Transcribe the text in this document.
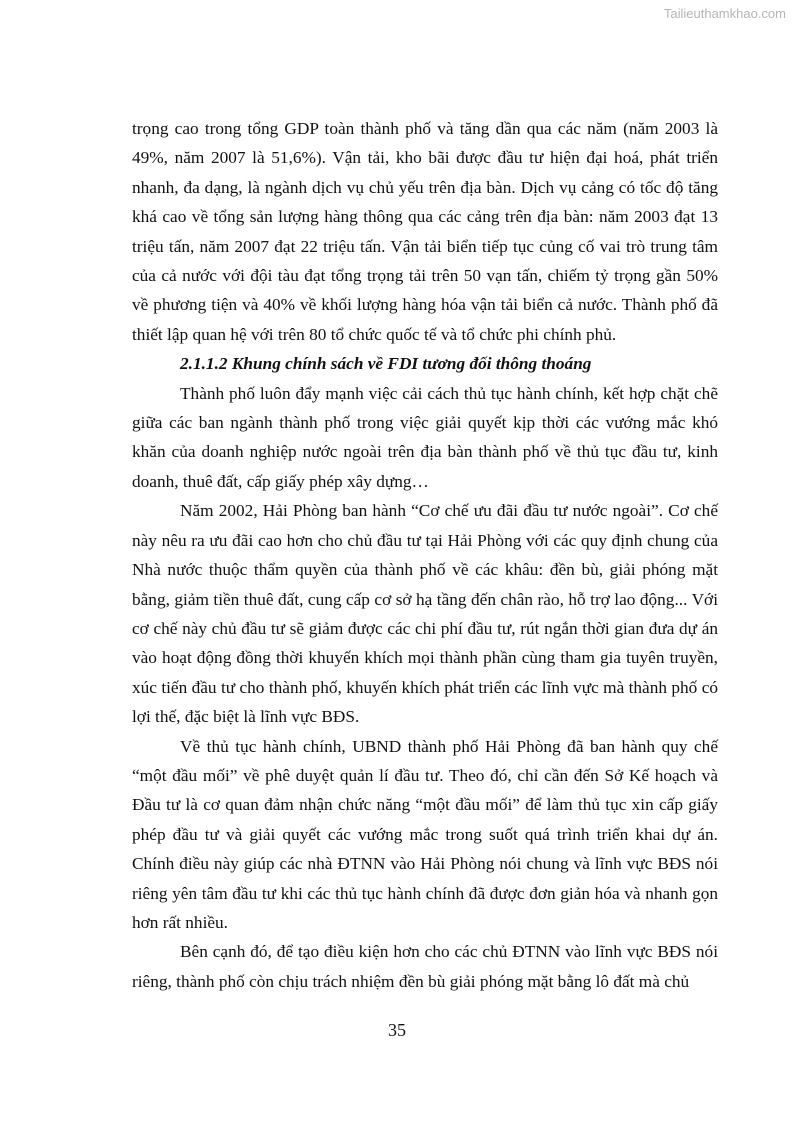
Tailieuthamkhao.com

trọng cao trong tổng GDP toàn thành phố và tăng dần qua các năm (năm 2003 là 49%, năm 2007 là 51,6%). Vận tải, kho bãi được đầu tư hiện đại hoá, phát triển nhanh, đa dạng, là ngành dịch vụ chủ yếu trên địa bàn. Dịch vụ cảng có tốc độ tăng khá cao về tổng sản lượng hàng thông qua các cảng trên địa bàn: năm 2003 đạt 13 triệu tấn, năm 2007 đạt 22 triệu tấn. Vận tải biển tiếp tục củng cố vai trò trung tâm của cả nước với đội tàu đạt tổng trọng tải trên 50 vạn tấn, chiếm tỷ trọng gần 50% về phương tiện và 40% về khối lượng hàng hóa vận tải biển cả nước. Thành phố đã thiết lập quan hệ với trên 80 tổ chức quốc tế và tổ chức phi chính phủ.

2.1.1.2 Khung chính sách về FDI tương đối thông thoáng

Thành phố luôn đẩy mạnh việc cải cách thủ tục hành chính, kết hợp chặt chẽ giữa các ban ngành thành phố trong việc giải quyết kịp thời các vướng mắc khó khăn của doanh nghiệp nước ngoài trên địa bàn thành phố về thủ tục đầu tư, kinh doanh, thuê đất, cấp giấy phép xây dựng…

Năm 2002, Hải Phòng ban hành “Cơ chế ưu đãi đầu tư nước ngoài”. Cơ chế này nêu ra ưu đãi cao hơn cho chủ đầu tư tại Hải Phòng với các quy định chung của Nhà nước thuộc thẩm quyền của thành phố về các khâu: đền bù, giải phóng mặt bằng, giảm tiền thuê đất, cung cấp cơ sở hạ tầng đến chân rào, hỗ trợ lao động... Với cơ chế này chủ đầu tư sẽ giảm được các chi phí đầu tư, rút ngắn thời gian đưa dự án vào hoạt động đồng thời khuyến khích mọi thành phần cùng tham gia tuyên truyền, xúc tiến đầu tư cho thành phố, khuyến khích phát triển các lĩnh vực mà thành phố có lợi thế, đặc biệt là lĩnh vực BĐS.

Về thủ tục hành chính, UBND thành phố Hải Phòng đã ban hành quy chế “một đầu mối” về phê duyệt quản lí đầu tư. Theo đó, chỉ cần đến Sở Kế hoạch và Đầu tư là cơ quan đảm nhận chức năng “một đầu mối” để làm thủ tục xin cấp giấy phép đầu tư và giải quyết các vướng mắc trong suốt quá trình triển khai dự án. Chính điều này giúp các nhà ĐTNN vào Hải Phòng nói chung và lĩnh vực BĐS nói riêng yên tâm đầu tư khi các thủ tục hành chính đã được đơn giản hóa và nhanh gọn hơn rất nhiều.

Bên cạnh đó, để tạo điều kiện hơn cho các chủ ĐTNN vào lĩnh vực BĐS nói riêng, thành phố còn chịu trách nhiệm đền bù giải phóng mặt bằng lô đất mà chủ

35
